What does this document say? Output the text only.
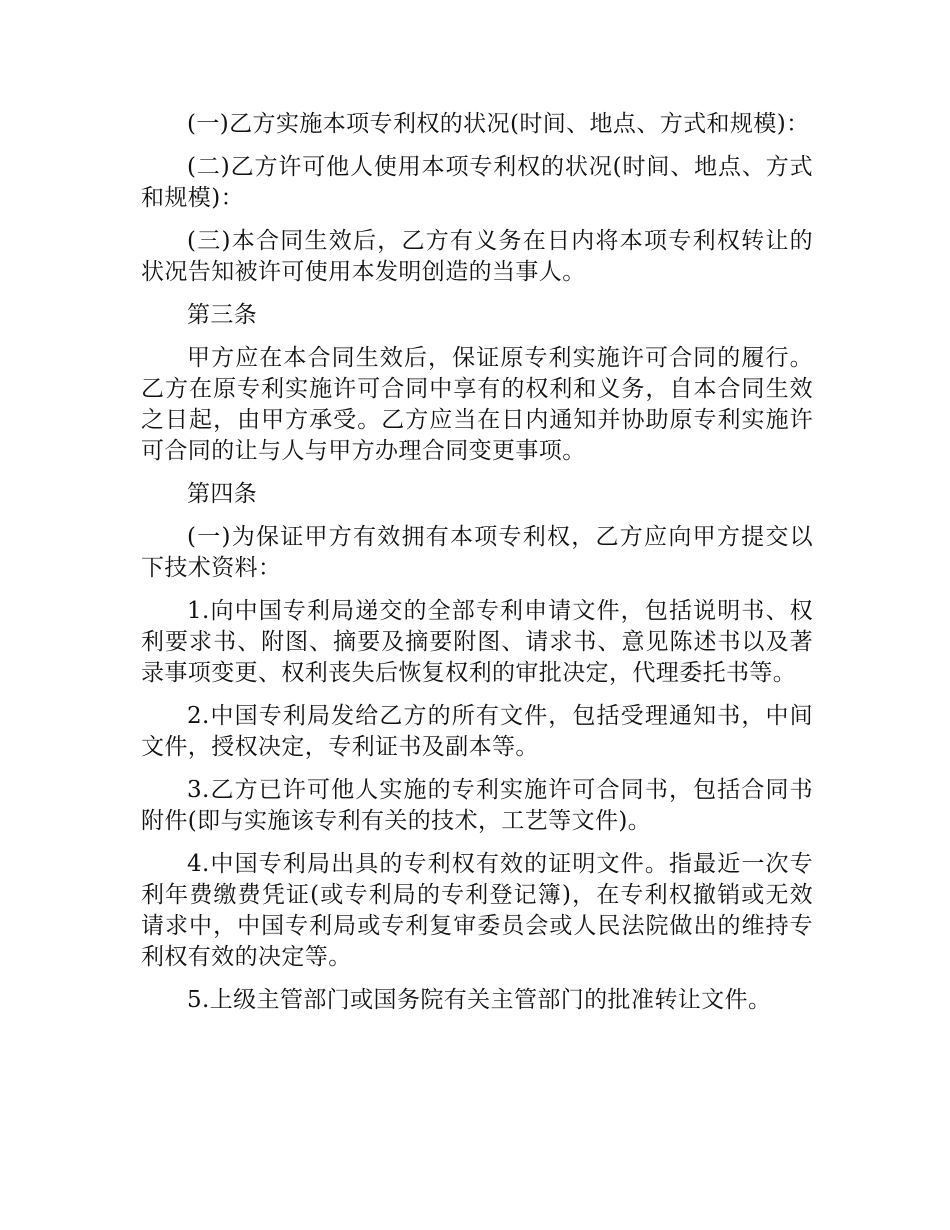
(一)乙方实施本项专利权的状况(时间、地点、方式和规模)：

(二)乙方许可他人使用本项专利权的状况(时间、地点、方式和规模)：

(三)本合同生效后，乙方有义务在日内将本项专利权转让的状况告知被许可使用本发明创造的当事人。

第三条

甲方应在本合同生效后，保证原专利实施许可合同的履行。乙方在原专利实施许可合同中享有的权利和义务，自本合同生效之日起，由甲方承受。乙方应当在日内通知并协助原专利实施许可合同的让与人与甲方办理合同变更事项。

第四条

(一)为保证甲方有效拥有本项专利权，乙方应向甲方提交以下技术资料：

1.向中国专利局递交的全部专利申请文件，包括说明书、权利要求书、附图、摘要及摘要附图、请求书、意见陈述书以及著录事项变更、权利丧失后恢复权利的审批决定，代理委托书等。

2.中国专利局发给乙方的所有文件，包括受理通知书，中间文件，授权决定，专利证书及副本等。

3.乙方已许可他人实施的专利实施许可合同书，包括合同书附件(即与实施该专利有关的技术，工艺等文件)。

4.中国专利局出具的专利权有效的证明文件。指最近一次专利年费缴费凭证(或专利局的专利登记簿)，在专利权撤销或无效请求中，中国专利局或专利复审委员会或人民法院做出的维持专利权有效的决定等。

5.上级主管部门或国务院有关主管部门的批准转让文件。
